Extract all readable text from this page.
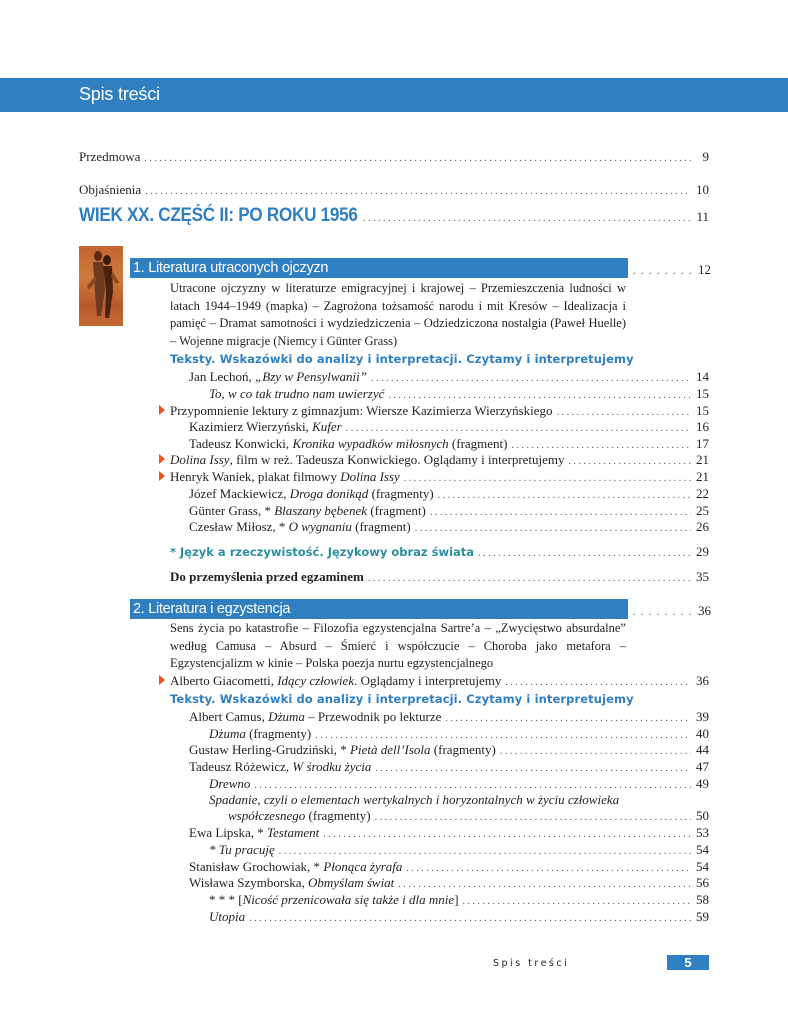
Spis treści
Przedmowa . . .	9
Objaśnienia . . .	10
WIEK XX. CZĘŚĆ II: PO ROKU 1956 . . .	11
1. Literatura utraconych ojczyzn . . .	12
Utracone ojczyzny w literaturze emigracyjnej i krajowej – Przemieszczenia ludności w latach 1944–1949 (mapka) – Zagrożona tożsamość narodu i mit Kresów – Idealizacja i pamięć – Dramat samotności i wydziedziczenia – Odziedziczona nostalgia (Paweł Huelle) – Wojenne migracje (Niemcy i Günter Grass)
Teksty. Wskazówki do analizy i interpretacji. Czytamy i interpretujemy
Jan Lechoń, „Bzy w Pensylwanii” . . .	14
To, w co tak trudno nam uwierzyć . . .	15
Przypomnienie lektury z gimnazjum: Wiersze Kazimierza Wierzyńskiego . . .	15
Kazimierz Wierzyński, Kufer . . .	16
Tadeusz Konwicki, Kronika wypadków miłosnych (fragment) . . .	17
Dolina Issy, film w reż. Tadeusza Konwickiego. Oglądamy i interpretujemy . . .	21
Henryk Waniek, plakat filmowy Dolina Issy . . .	21
Józef Mackiewicz, Droga donikąd (fragmenty) . . .	22
Günter Grass, * Blaszany bębenek (fragment) . . .	25
Czesław Miłosz, * O wygnaniu (fragment) . . .	26
* Język a rzeczywistość. Językowy obraz świata . . .	29
Do przemyślenia przed egzaminem . . .	35
2. Literatura i egzystencja . . .	36
Sens życia po katastrofie – Filozofia egzystencjalna Sartre’a – „Zwycięstwo absurdalne” według Camusa – Absurd – Śmierć i współczucie – Choroba jako metafora – Egzystencjalizm w kinie – Polska poezja nurtu egzystencjalnego
Alberto Giacometti, Idący człowiek. Oglądamy i interpretujemy . . .	36
Teksty. Wskazówki do analizy i interpretacji. Czytamy i interpretujemy
Albert Camus, Dżuma – Przewodnik po lekturze . . .	39
Dżuma (fragmenty) . . .	40
Gustaw Herling-Grudziński, * Pietà dell’Isola (fragmenty) . . .	44
Tadeusz Różewicz, W środku życia . . .	47
Drewno . . .	49
Spadanie, czyli o elementach wertykalnych i horyzontalnych w życiu człowieka
współczesnego (fragmenty) . . .	50
Ewa Lipska, * Testament . . .	53
* Tu pracuję . . .	54
Stanisław Grochowiak, * Płonąca żyrafa . . .	54
Wisława Szymborska, Obmyślam świat . . .	56
* * * [Nicość przenicowała się także i dla mnie] . . .	58
Utopia . . .	59
Spis treści	5
